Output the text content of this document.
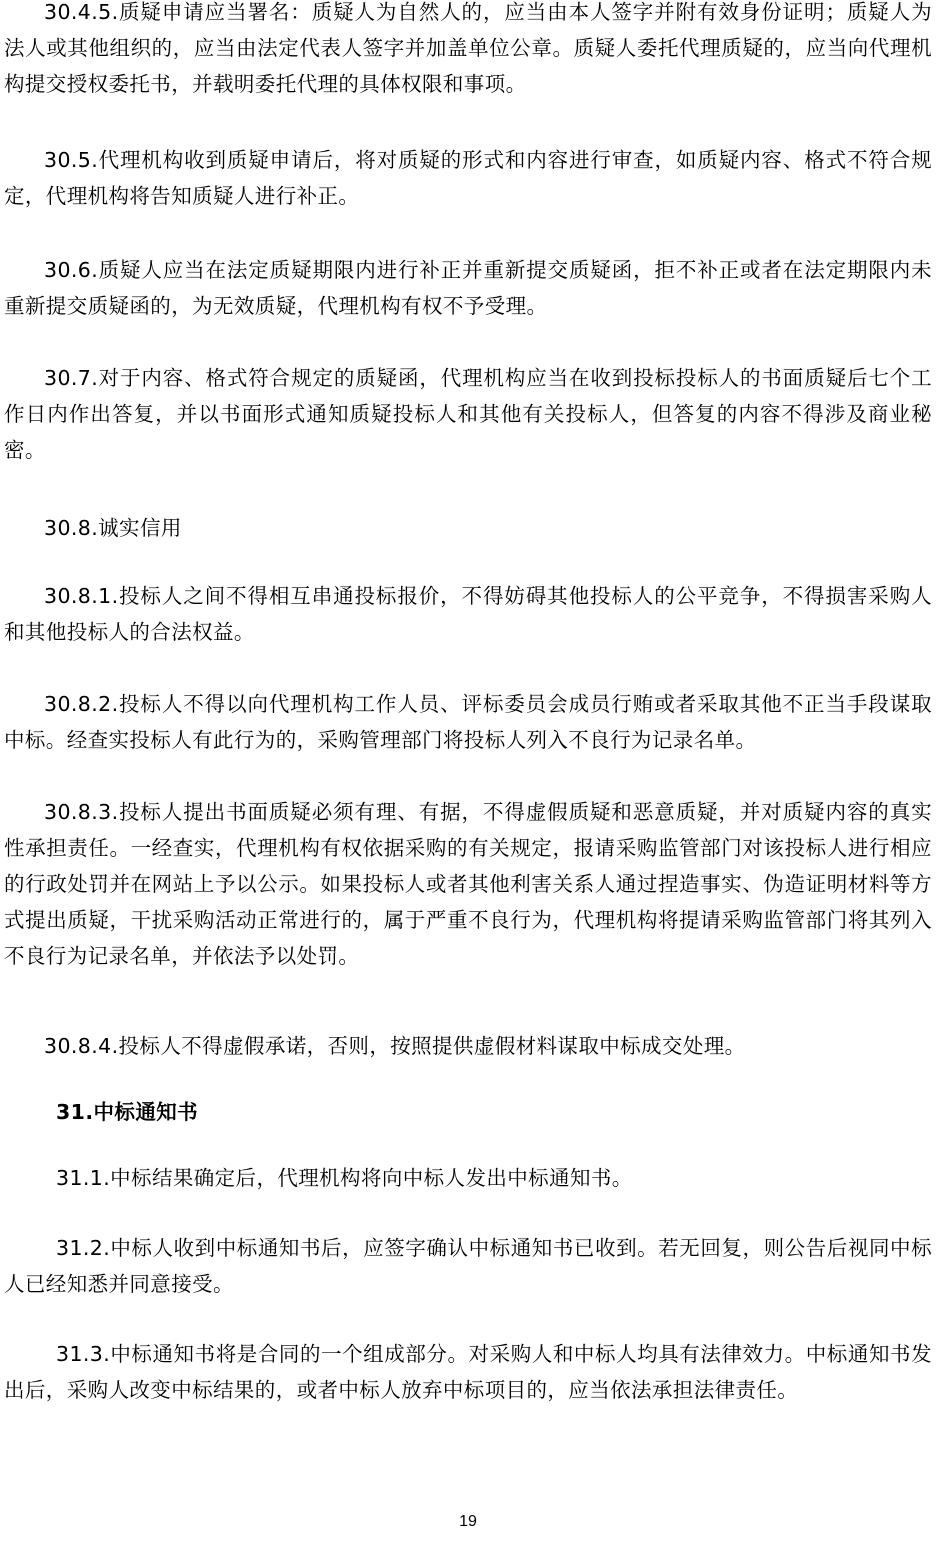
30.4.5.质疑申请应当署名：质疑人为自然人的，应当由本人签字并附有效身份证明；质疑人为法人或其他组织的，应当由法定代表人签字并加盖单位公章。质疑人委托代理质疑的，应当向代理机构提交授权委托书，并载明委托代理的具体权限和事项。

30.5.代理机构收到质疑申请后，将对质疑的形式和内容进行审查，如质疑内容、格式不符合规定，代理机构将告知质疑人进行补正。

30.6.质疑人应当在法定质疑期限内进行补正并重新提交质疑函，拒不补正或者在法定期限内未重新提交质疑函的，为无效质疑，代理机构有权不予受理。

30.7.对于内容、格式符合规定的质疑函，代理机构应当在收到投标投标人的书面质疑后七个工作日内作出答复，并以书面形式通知质疑投标人和其他有关投标人，但答复的内容不得涉及商业秘密。

30.8.诚实信用

30.8.1.投标人之间不得相互串通投标报价，不得妨碍其他投标人的公平竞争，不得损害采购人和其他投标人的合法权益。

30.8.2.投标人不得以向代理机构工作人员、评标委员会成员行贿或者采取其他不正当手段谋取中标。经查实投标人有此行为的，采购管理部门将投标人列入不良行为记录名单。

30.8.3.投标人提出书面质疑必须有理、有据，不得虚假质疑和恶意质疑，并对质疑内容的真实性承担责任。一经查实，代理机构有权依据采购的有关规定，报请采购监管部门对该投标人进行相应的行政处罚并在网站上予以公示。如果投标人或者其他利害关系人通过捏造事实、伪造证明材料等方式提出质疑，干扰采购活动正常进行的，属于严重不良行为，代理机构将提请采购监管部门将其列入不良行为记录名单，并依法予以处罚。

30.8.4.投标人不得虚假承诺，否则，按照提供虚假材料谋取中标成交处理。

31.中标通知书

31.1.中标结果确定后，代理机构将向中标人发出中标通知书。

31.2.中标人收到中标通知书后，应签字确认中标通知书已收到。若无回复，则公告后视同中标人已经知悉并同意接受。

31.3.中标通知书将是合同的一个组成部分。对采购人和中标人均具有法律效力。中标通知书发出后，采购人改变中标结果的，或者中标人放弃中标项目的，应当依法承担法律责任。

19
